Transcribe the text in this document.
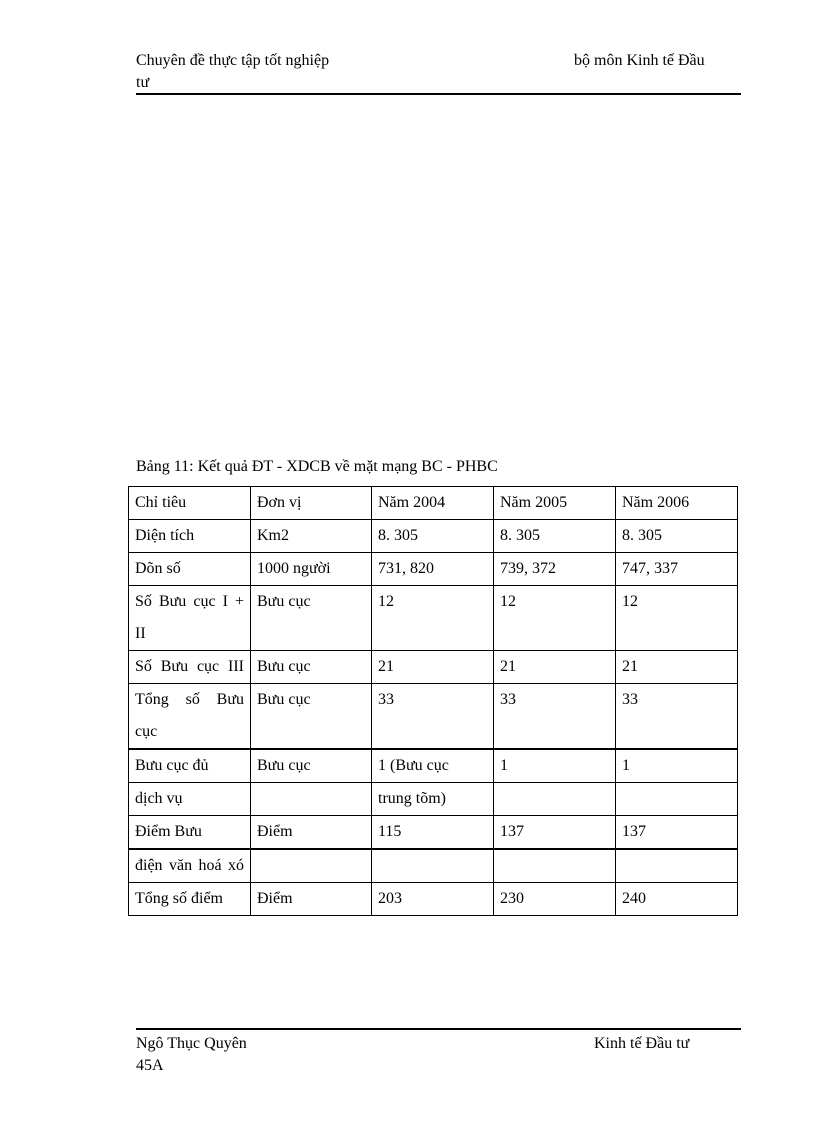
Chuyên đề thực tập tốt nghiệp
tư
bộ môn Kinh tế Đầu
Bảng 11: Kết quả ĐT - XDCB về mặt mạng BC - PHBC
Chỉ tiêu	Đơn vị	Năm 2004	Năm 2005	Năm 2006
Diện tích	Km2	8. 305	8. 305	8. 305
Dõn số	1000 người	731, 820	739, 372	747, 337

Số Bưu cục I + II	Bưu cục	12	12	12

Số Bưu cục III	Bưu cục	21	21	21

Tổng số Bưu cục	Bưu cục	33	33	33
Bưu cục đủ	Bưu cục	1 (Bưu cục	1	1
dịch vụ		trung tõm)		
Điểm Bưu	Điểm	115	137	137

điện văn hoá xó				

Tổng số điểm	Điểm	203	230	240
Ngô Thục Quyên
45A
Kinh tế Đầu tư
